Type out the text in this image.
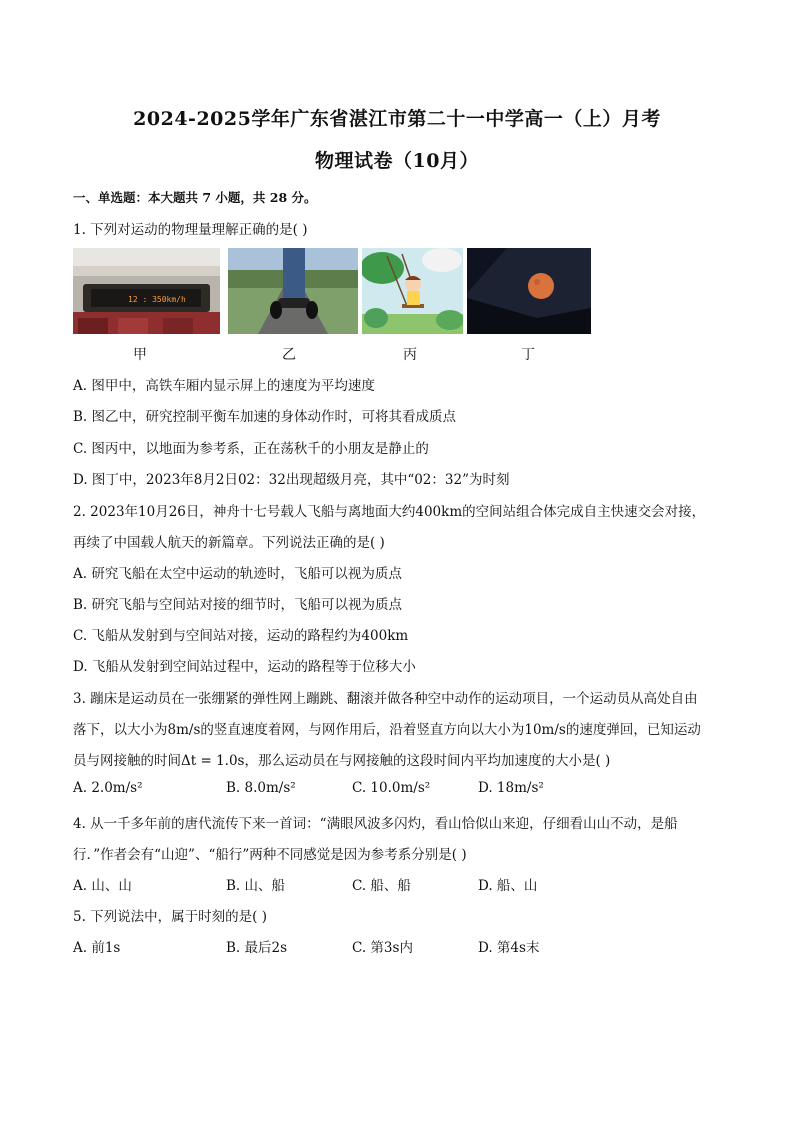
2024-2025学年广东省湛江市第二十一中学高一（上）月考
物理试卷（10月）
一、单选题：本大题共 7 小题，共 28 分。
1. 下列对运动的物理量理解正确的是( )
12 : 350km/h
甲	乙	丙	丁
A. 图甲中，高铁车厢内显示屏上的速度为平均速度
B. 图乙中，研究控制平衡车加速的身体动作时，可将其看成质点
C. 图丙中，以地面为参考系，正在荡秋千的小朋友是静止的
D. 图丁中，2023年8月2日02：32出现超级月亮，其中“02：32”为时刻
2. 2023年10月26日，神舟十七号载人飞船与离地面大约400km的空间站组合体完成自主快速交会对接，
再续了中国载人航天的新篇章。下列说法正确的是( )
A. 研究飞船在太空中运动的轨迹时，飞船可以视为质点
B. 研究飞船与空间站对接的细节时，飞船可以视为质点
C. 飞船从发射到与空间站对接，运动的路程约为400km
D. 飞船从发射到空间站过程中，运动的路程等于位移大小
3. 蹦床是运动员在一张绷紧的弹性网上蹦跳、翻滚并做各种空中动作的运动项目，一个运动员从高处自由
落下，以大小为8m/s的竖直速度着网，与网作用后，沿着竖直方向以大小为10m/s的速度弹回，已知运动
员与网接触的时间Δt = 1.0s，那么运动员在与网接触的这段时间内平均加速度的大小是( )
A. 2.0m/s²	B. 8.0m/s²	C. 10.0m/s²	D. 18m/s²
4. 从一千多年前的唐代流传下来一首词：“满眼风波多闪灼，看山恰似山来迎，仔细看山山不动，是船
行．”作者会有“山迎”、“船行”两种不同感觉是因为参考系分别是( )
A. 山、山	B. 山、船	C. 船、船	D. 船、山
5. 下列说法中，属于时刻的是( )
A. 前1s	B. 最后2s	C. 第3s内	D. 第4s末
